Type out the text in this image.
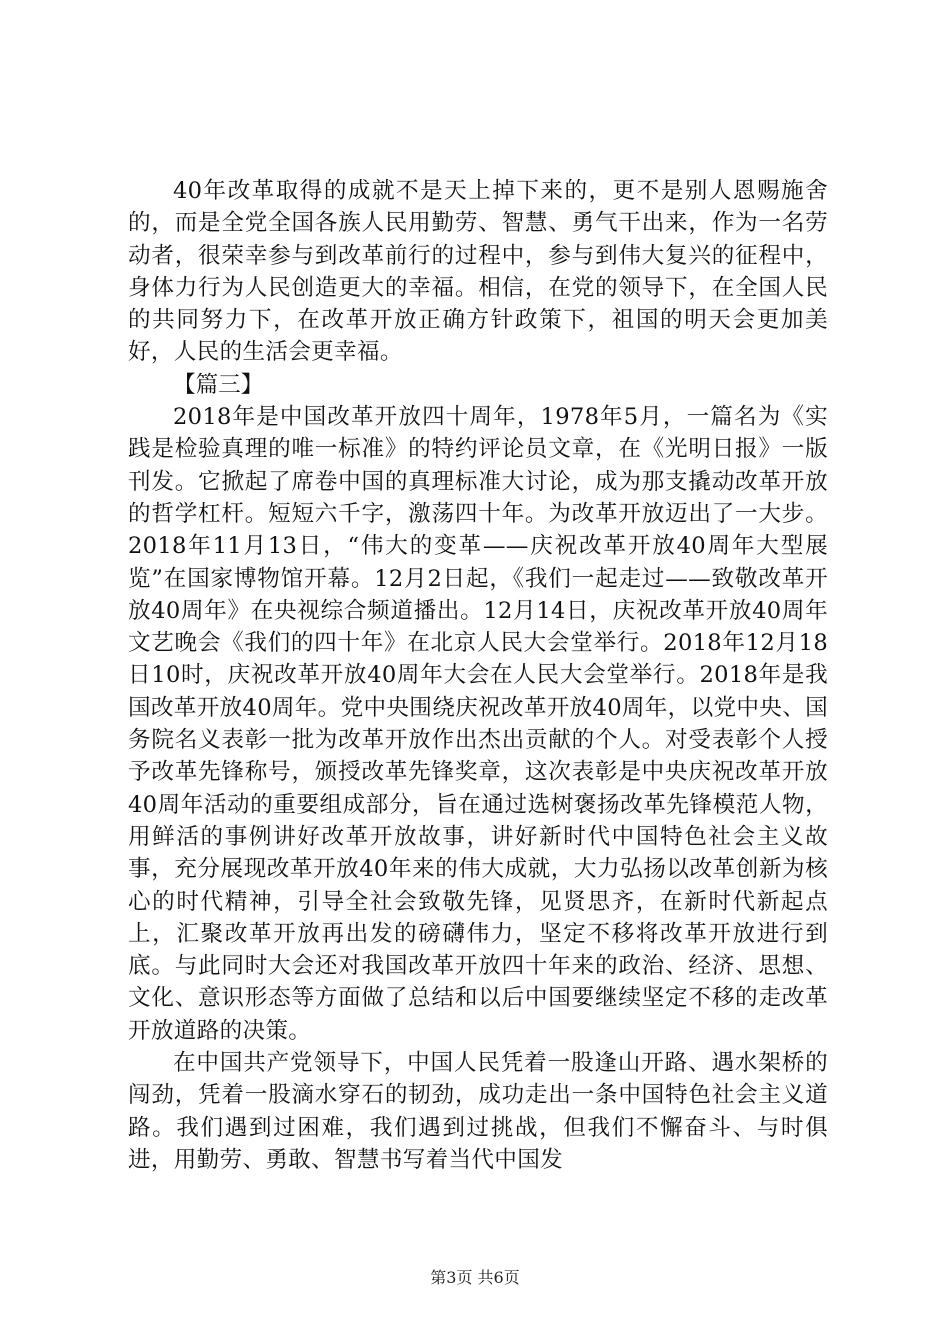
40年改革取得的成就不是天上掉下来的，更不是别人恩赐施舍的，而是全党全国各族人民用勤劳、智慧、勇气干出来，作为一名劳动者，很荣幸参与到改革前行的过程中，参与到伟大复兴的征程中，身体力行为人民创造更大的幸福。相信，在党的领导下，在全国人民的共同努力下，在改革开放正确方针政策下，祖国的明天会更加美好，人民的生活会更幸福。

【篇三】

2018年是中国改革开放四十周年，1978年5月，一篇名为《实践是检验真理的唯一标准》的特约评论员文章，在《光明日报》一版刊发。它掀起了席卷中国的真理标准大讨论，成为那支撬动改革开放的哲学杠杆。短短六千字，激荡四十年。为改革开放迈出了一大步。2018年11月13日，“伟大的变革——庆祝改革开放40周年大型展览”在国家博物馆开幕。12月2日起，《我们一起走过——致敬改革开放40周年》在央视综合频道播出。12月14日，庆祝改革开放40周年文艺晚会《我们的四十年》在北京人民大会堂举行。2018年12月18日10时，庆祝改革开放40周年大会在人民大会堂举行。2018年是我国改革开放40周年。党中央围绕庆祝改革开放40周年，以党中央、国务院名义表彰一批为改革开放作出杰出贡献的个人。对受表彰个人授予改革先锋称号，颁授改革先锋奖章，这次表彰是中央庆祝改革开放40周年活动的重要组成部分，旨在通过选树褒扬改革先锋模范人物，用鲜活的事例讲好改革开放故事，讲好新时代中国特色社会主义故事，充分展现改革开放40年来的伟大成就，大力弘扬以改革创新为核心的时代精神，引导全社会致敬先锋，见贤思齐，在新时代新起点上，汇聚改革开放再出发的磅礴伟力，坚定不移将改革开放进行到底。与此同时大会还对我国改革开放四十年来的政治、经济、思想、文化、意识形态等方面做了总结和以后中国要继续坚定不移的走改革开放道路的决策。

在中国共产党领导下，中国人民凭着一股逢山开路、遇水架桥的闯劲，凭着一股滴水穿石的韧劲，成功走出一条中国特色社会主义道路。我们遇到过困难，我们遇到过挑战，但我们不懈奋斗、与时俱进，用勤劳、勇敢、智慧书写着当代中国发

第3页 共6页
